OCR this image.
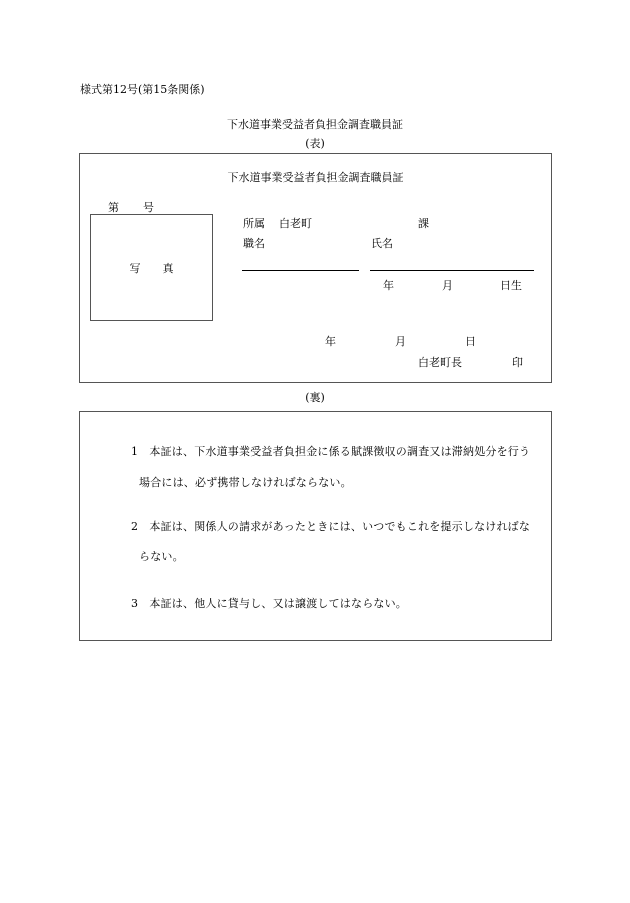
様式第12号(第15条関係)
下水道事業受益者負担金調査職員証
(表)
下水道事業受益者負担金調査職員証
第 号
写　　真
所属 白老町	課
職名	氏名
年	月	日生
年	月	日
白老町長	印
(裏)
1　本証は、下水道事業受益者負担金に係る賦課徴収の調査又は滞納処分を行う
場合には、必ず携帯しなければならない。
2　本証は、関係人の請求があったときには、いつでもこれを提示しなければな
らない。
3　本証は、他人に貸与し、又は譲渡してはならない。
